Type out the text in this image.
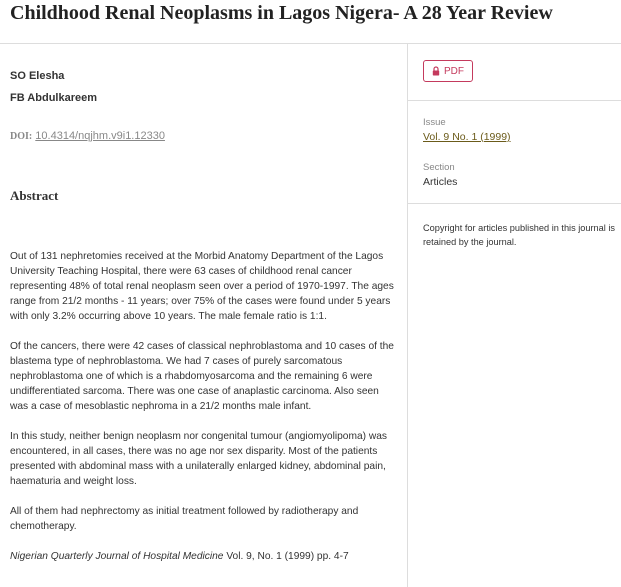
Childhood Renal Neoplasms in Lagos Nigera- A 28 Year Review
SO Elesha
FB Abdulkareem
DOI: 10.4314/nqjhm.v9i1.12330
Abstract

Out of 131 nephretomies received at the Morbid Anatomy Department of the Lagos University Teaching Hospital, there were 63 cases of childhood renal cancer representing 48% of total renal neoplasm seen over a period of 1970-1997. The ages range from 21/2 months - 11 years; over 75% of the cases were found under 5 years with only 3.2% occurring above 10 years. The male female ratio is 1:1.

Of the cancers, there were 42 cases of classical nephroblastoma and 10 cases of the blastema type of nephroblastoma. We had 7 cases of purely sarcomatous nephroblastoma one of which is a rhabdomyosarcoma and the remaining 6 were undifferentiated sarcoma. There was one case of anaplastic carcinoma. Also seen was a case of mesoblastic nephroma in a 21/2 months male infant.

In this study, neither benign neoplasm nor congenital tumour (angiomyolipoma) was encountered, in all cases, there was no age nor sex disparity. Most of the patients presented with abdominal mass with a unilaterally enlarged kidney, abdominal pain, haematuria and weight loss.

All of them had nephrectomy as initial treatment followed by radiotherapy and chemotherapy.

Nigerian Quarterly Journal of Hospital Medicine Vol. 9, No. 1 (1999) pp. 4-7

PDF
Issue
Vol. 9 No. 1 (1999)
Section
Articles
Copyright for articles published in this journal is retained by the journal.
